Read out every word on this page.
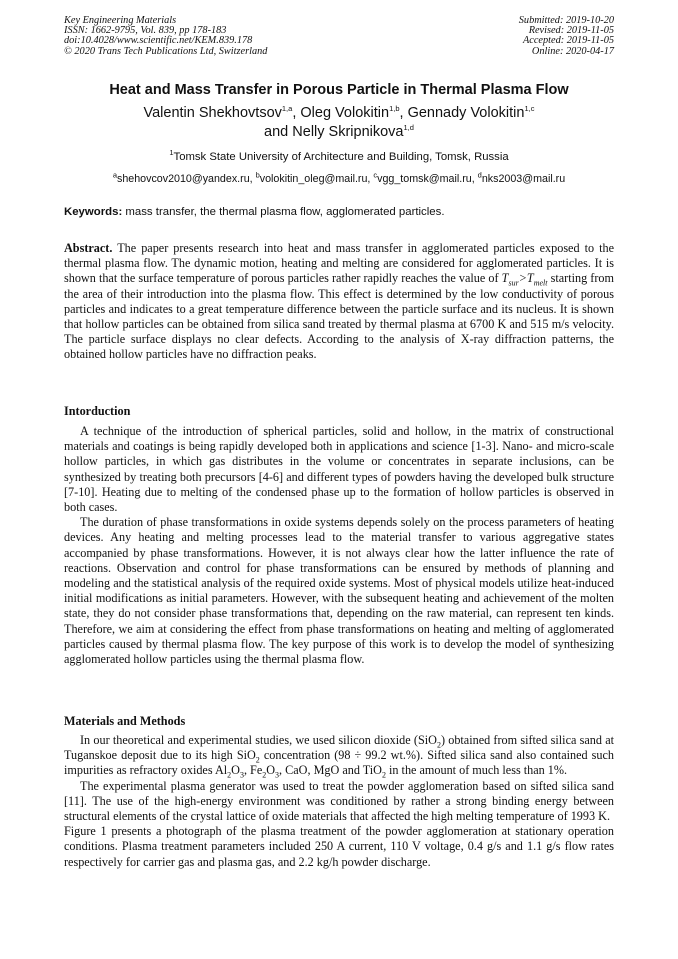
Key Engineering Materials
ISSN: 1662-9795, Vol. 839, pp 178-183
doi:10.4028/www.scientific.net/KEM.839.178
© 2020 Trans Tech Publications Ltd, Switzerland
Submitted: 2019-10-20
Revised: 2019-11-05
Accepted: 2019-11-05
Online: 2020-04-17
Heat and Mass Transfer in Porous Particle in Thermal Plasma Flow
Valentin Shekhovtsov$^{1,a}$, Oleg Volokitin$^{1,b}$, Gennady Volokitin$^{1,c}$
and Nelly Skripnikova$^{1,d}$
$^1$Tomsk State University of Architecture and Building, Tomsk, Russia
$^a$shehovcov2010@yandex.ru, $^b$volokitin_oleg@mail.ru, $^c$vgg_tomsk@mail.ru, $^d$nks2003@mail.ru
Keywords: mass transfer, the thermal plasma flow, agglomerated particles.

Abstract. The paper presents research into heat and mass transfer in agglomerated particles exposed to the thermal plasma flow. The dynamic motion, heating and melting are considered for agglomerated particles. It is shown that the surface temperature of porous particles rather rapidly reaches the value of $T_{sur}>T_{melt}$ starting from the area of their introduction into the plasma flow. This effect is determined by the low conductivity of porous particles and indicates to a great temperature difference between the particle surface and its nucleus. It is shown that hollow particles can be obtained from silica sand treated by thermal plasma at 6700 K and 515 m/s velocity. The particle surface displays no clear defects. According to the analysis of X-ray diffraction patterns, the obtained hollow particles have no diffraction peaks.

Intorduction

A technique of the introduction of spherical particles, solid and hollow, in the matrix of constructional materials and coatings is being rapidly developed both in applications and science [1-3]. Nano- and micro-scale hollow particles, in which gas distributes in the volume or concentrates in separate inclusions, can be synthesized by treating both precursors [4-6] and different types of powders having the developed bulk structure [7-10]. Heating due to melting of the condensed phase up to the formation of hollow particles is observed in both cases.

The duration of phase transformations in oxide systems depends solely on the process parameters of heating devices. Any heating and melting processes lead to the material transfer to various aggregative states accompanied by phase transformations. However, it is not always clear how the latter influence the rate of reactions. Observation and control for phase transformations can be ensured by methods of planning and modeling and the statistical analysis of the required oxide systems. Most of physical models utilize heat-induced initial modifications as initial parameters. However, with the subsequent heating and achievement of the molten state, they do not consider phase transformations that, depending on the raw material, can represent ten kinds. Therefore, we aim at considering the effect from phase transformations on heating and melting of agglomerated particles caused by thermal plasma flow. The key purpose of this work is to develop the model of synthesizing agglomerated hollow particles using the thermal plasma flow.

Materials and Methods

In our theoretical and experimental studies, we used silicon dioxide (SiO$_2$) obtained from sifted silica sand at Tuganskoe deposit due to its high SiO$_2$ concentration (98 ÷ 99.2 wt.%). Sifted silica sand also contained such impurities as refractory oxides $Al_2O_3$, $Fe_2O_3$, CaO, MgO and TiO$_2$ in the amount of much less than 1%.

The experimental plasma generator was used to treat the powder agglomeration based on sifted silica sand [11]. The use of the high-energy environment was conditioned by rather a strong binding energy between structural elements of the crystal lattice of oxide materials that affected the high melting temperature of 1993 K.

Figure 1 presents a photograph of the plasma treatment of the powder agglomeration at stationary operation conditions. Plasma treatment parameters included 250 A current, 110 V voltage, 0.4 g/s and 1.1 g/s flow rates respectively for carrier gas and plasma gas, and 2.2 kg/h powder discharge.
